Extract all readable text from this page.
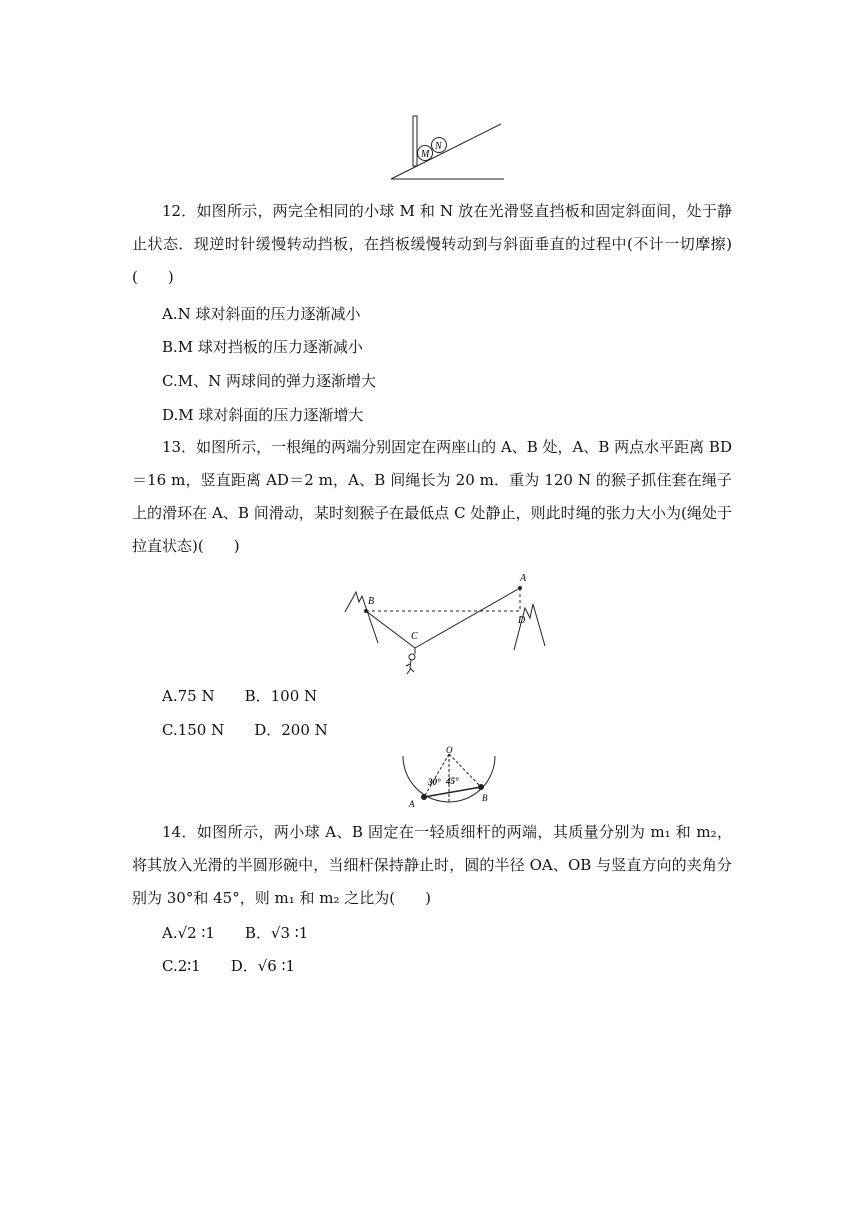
M
N

12．如图所示，两完全相同的小球 M 和 N 放在光滑竖直挡板和固定斜面间，处于静止状态．现逆时针缓慢转动挡板，在挡板缓慢转动到与斜面垂直的过程中(不计一切摩擦)(　　)

A.N 球对斜面的压力逐渐减小

B.M 球对挡板的压力逐渐减小

C.M、N 两球间的弹力逐渐增大

D.M 球对斜面的压力逐渐增大

13．如图所示，一根绳的两端分别固定在两座山的 A、B 处，A、B 两点水平距离 BD＝16 m，竖直距离 AD＝2 m，A、B 间绳长为 20 m．重为 120 N 的猴子抓住套在绳子上的滑环在 A、B 间滑动，某时刻猴子在最低点 C 处静止，则此时绳的张力大小为(绳处于拉直状态)(　　)

B
A
C
D

A.75 N　　B．100 N

C.150 N　　D．200 N

O
30° 45°
A
B

14．如图所示，两小球 A、B 固定在一轻质细杆的两端，其质量分别为 m₁ 和 m₂，将其放入光滑的半圆形碗中，当细杆保持静止时，圆的半径 OA、OB 与竖直方向的夹角分别为 30°和 45°，则 m₁ 和 m₂ 之比为(　　)

A.√2 ∶1　　B．√3 ∶1

C.2∶1　　D．√6 ∶1
